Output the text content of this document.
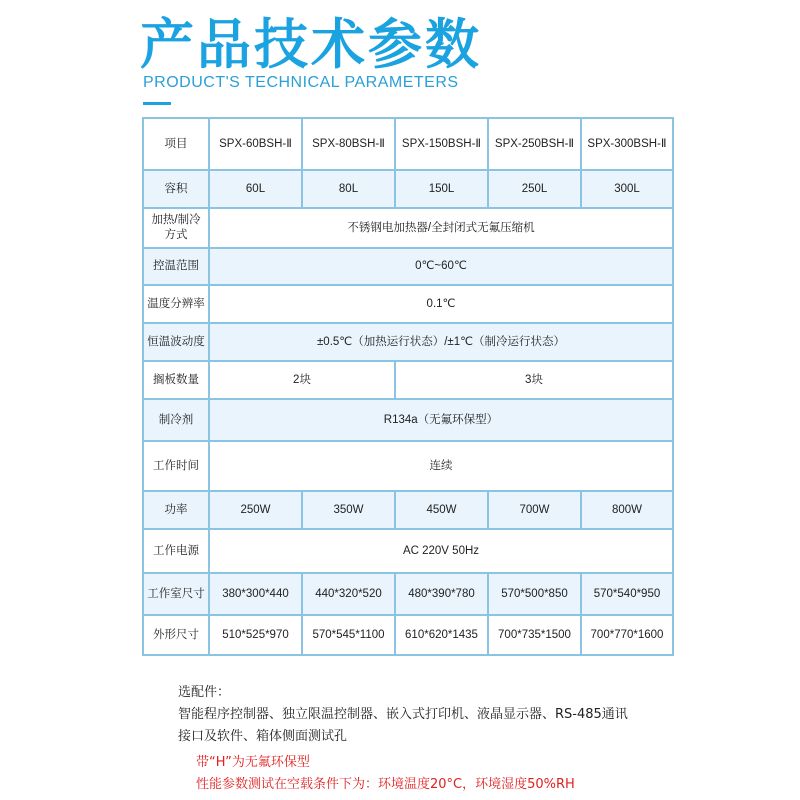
产品技术参数
PRODUCT'S TECHNICAL PARAMETERS
项目	SPX-60BSH-Ⅱ	SPX-80BSH-Ⅱ	SPX-150BSH-Ⅱ	SPX-250BSH-Ⅱ	SPX-300BSH-Ⅱ
容积	60L	80L	150L	250L	300L
加热/制冷方式	不锈钢电加热器/全封闭式无氟压缩机				
控温范围	0℃~60℃				
温度分辨率	0.1℃				
恒温波动度	±0.5℃（加热运行状态）/±1℃（制冷运行状态）				
搁板数量	2块		3块		
制冷剂	R134a（无氟环保型）				
工作时间	连续				
功率	250W	350W	450W	700W	800W
工作电源	AC 220V 50Hz				
工作室尺寸	380*300*440	440*320*520	480*390*780	570*500*850	570*540*950
外形尺寸	510*525*970	570*545*1100	610*620*1435	700*735*1500	700*770*1600
选配件：
智能程序控制器、独立限温控制器、嵌入式打印机、液晶显示器、RS-485通讯
接口及软件、箱体侧面测试孔
带“H”为无氟环保型
性能参数测试在空载条件下为：环境温度20°C，环境湿度50%RH
